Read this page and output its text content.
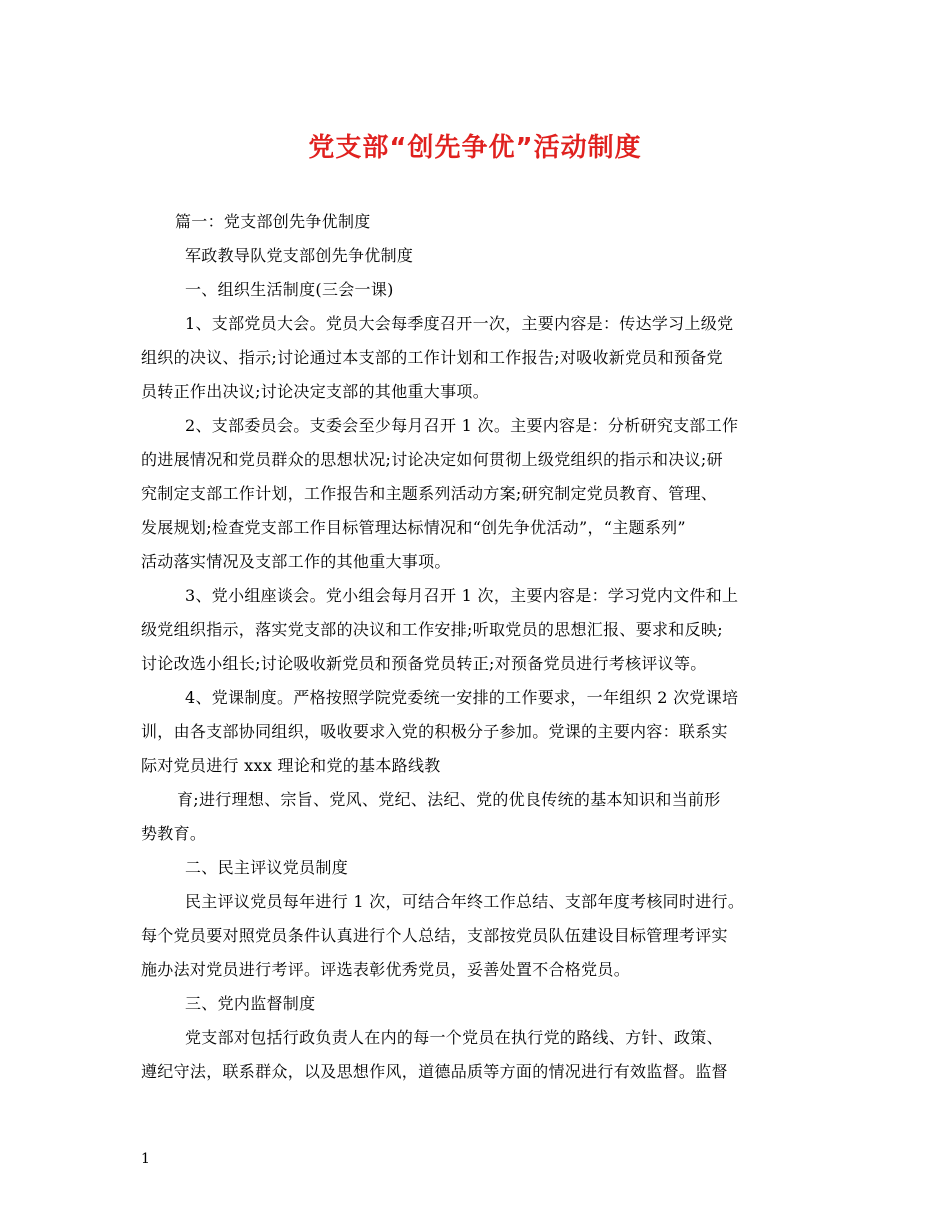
党支部“创先争优”活动制度
篇一：党支部创先争优制度
军政教导队党支部创先争优制度
一、组织生活制度(三会一课)
1、支部党员大会。党员大会每季度召开一次，主要内容是：传达学习上级党
组织的决议、指示;讨论通过本支部的工作计划和工作报告;对吸收新党员和预备党
员转正作出决议;讨论决定支部的其他重大事项。
2、支部委员会。支委会至少每月召开 1 次。主要内容是：分析研究支部工作
的进展情况和党员群众的思想状况;讨论决定如何贯彻上级党组织的指示和决议;研
究制定支部工作计划，工作报告和主题系列活动方案;研究制定党员教育、管理、
发展规划;检查党支部工作目标管理达标情况和“创先争优活动”，“主题系列”
活动落实情况及支部工作的其他重大事项。
3、党小组座谈会。党小组会每月召开 1 次，主要内容是：学习党内文件和上
级党组织指示，落实党支部的决议和工作安排;听取党员的思想汇报、要求和反映;
讨论改选小组长;讨论吸收新党员和预备党员转正;对预备党员进行考核评议等。
4、党课制度。严格按照学院党委统一安排的工作要求，一年组织 2 次党课培
训，由各支部协同组织，吸收要求入党的积极分子参加。党课的主要内容：联系实
际对党员进行 xxx 理论和党的基本路线教
育;进行理想、宗旨、党风、党纪、法纪、党的优良传统的基本知识和当前形
势教育。
二、民主评议党员制度
民主评议党员每年进行 1 次，可结合年终工作总结、支部年度考核同时进行。
每个党员要对照党员条件认真进行个人总结，支部按党员队伍建设目标管理考评实
施办法对党员进行考评。评选表彰优秀党员，妥善处置不合格党员。
三、党内监督制度
党支部对包括行政负责人在内的每一个党员在执行党的路线、方针、政策、
遵纪守法，联系群众，以及思想作风，道德品质等方面的情况进行有效监督。监督
1
